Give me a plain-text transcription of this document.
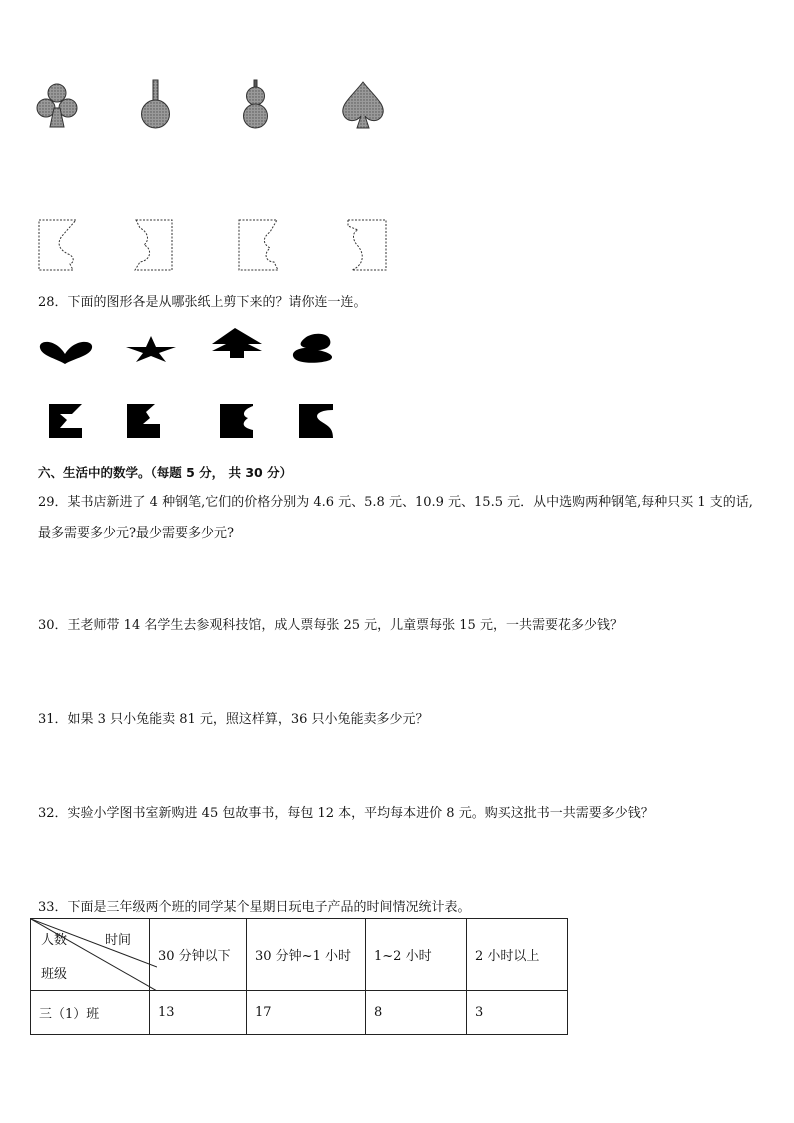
28．下面的图形各是从哪张纸上剪下来的？请你连一连。
六、生活中的数学。（每题 5 分， 共 30 分）
29．某书店新进了 4 种钢笔,它们的价格分别为 4.6 元、5.8 元、10.9 元、15.5 元．从中选购两种钢笔,每种只买 1 支的话,
最多需要多少元?最少需要多少元?
30．王老师带 14 名学生去参观科技馆，成人票每张 25 元，儿童票每张 15 元，一共需要花多少钱？
31．如果 3 只小兔能卖 81 元，照这样算，36 只小兔能卖多少元？
32．实验小学图书室新购进 45 包故事书，每包 12 本，平均每本进价 8 元。购买这批书一共需要多少钱？
33．下面是三年级两个班的同学某个星期日玩电子产品的时间情况统计表。
人数 时间
班级	30 分钟以下	30 分钟~1 小时	1~2 小时	2 小时以上
三（1）班	13	17	8	3
